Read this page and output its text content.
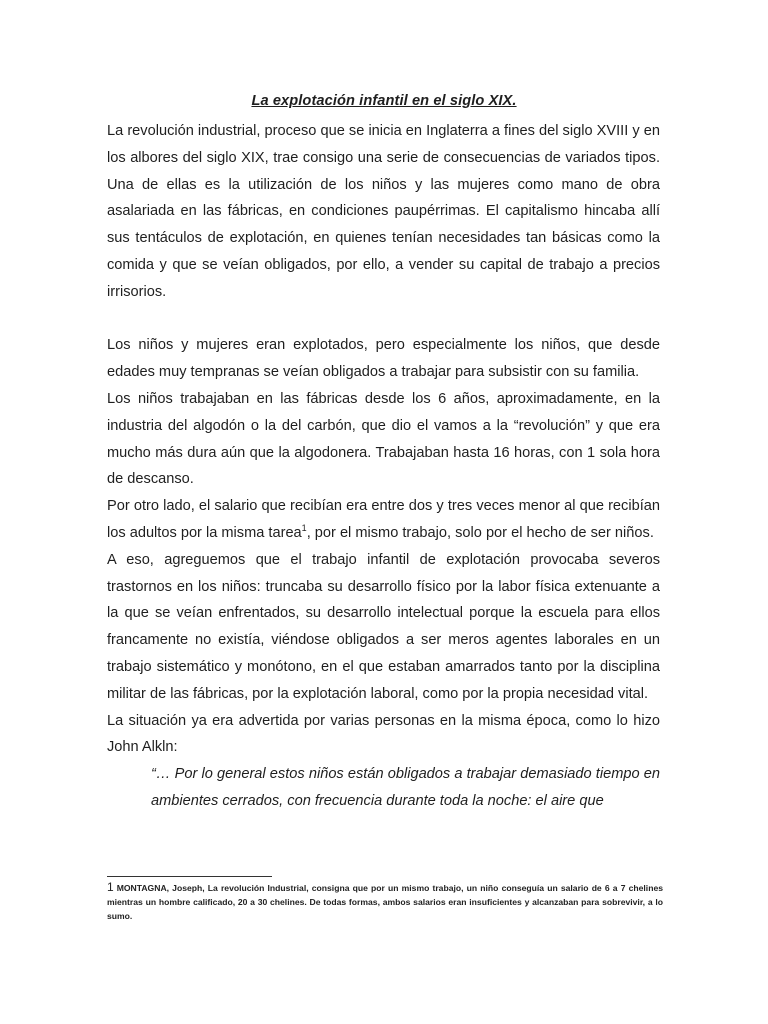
La explotación infantil en el siglo XIX.

La revolución industrial, proceso que se inicia en Inglaterra a fines del siglo XVIII y en los albores del siglo XIX, trae consigo una serie de consecuencias de variados tipos. Una de ellas es la utilización de los niños y las mujeres como mano de obra asalariada en las fábricas, en condiciones paupérrimas. El capitalismo hincaba allí sus tentáculos de explotación, en quienes tenían necesidades tan básicas como la comida y que se veían obligados, por ello, a vender su capital de trabajo a precios irrisorios.

Los niños y mujeres eran explotados, pero especialmente los niños, que desde edades muy tempranas se veían obligados a trabajar para subsistir con su familia.

Los niños trabajaban en las fábricas desde los 6 años, aproximadamente, en la industria del algodón o la del carbón, que dio el vamos a la “revolución” y que era mucho más dura aún que la algodonera. Trabajaban hasta 16 horas, con 1 sola hora de descanso.

Por otro lado, el salario que recibían era entre dos y tres veces menor al que recibían los adultos por la misma tarea$^1$, por el mismo trabajo, solo por el hecho de ser niños.

A eso, agreguemos que el trabajo infantil de explotación provocaba severos trastornos en los niños: truncaba su desarrollo físico por la labor física extenuante a la que se veían enfrentados, su desarrollo intelectual porque la escuela para ellos francamente no existía, viéndose obligados a ser meros agentes laborales en un trabajo sistemático y monótono, en el que estaban amarrados tanto por la disciplina militar de las fábricas, por la explotación laboral, como por la propia necesidad vital.

La situación ya era advertida por varias personas en la misma época, como lo hizo John Alkln:

“… Por lo general estos niños están obligados a trabajar demasiado tiempo en ambientes cerrados, con frecuencia durante toda la noche: el aire que

1 MONTAGNA, Joseph, La revolución Industrial, consigna que por un mismo trabajo, un niño conseguía un salario de 6 a 7 chelines mientras un hombre calificado, 20 a 30 chelines. De todas formas, ambos salarios eran insuficientes y alcanzaban para sobrevivir, a lo sumo.
